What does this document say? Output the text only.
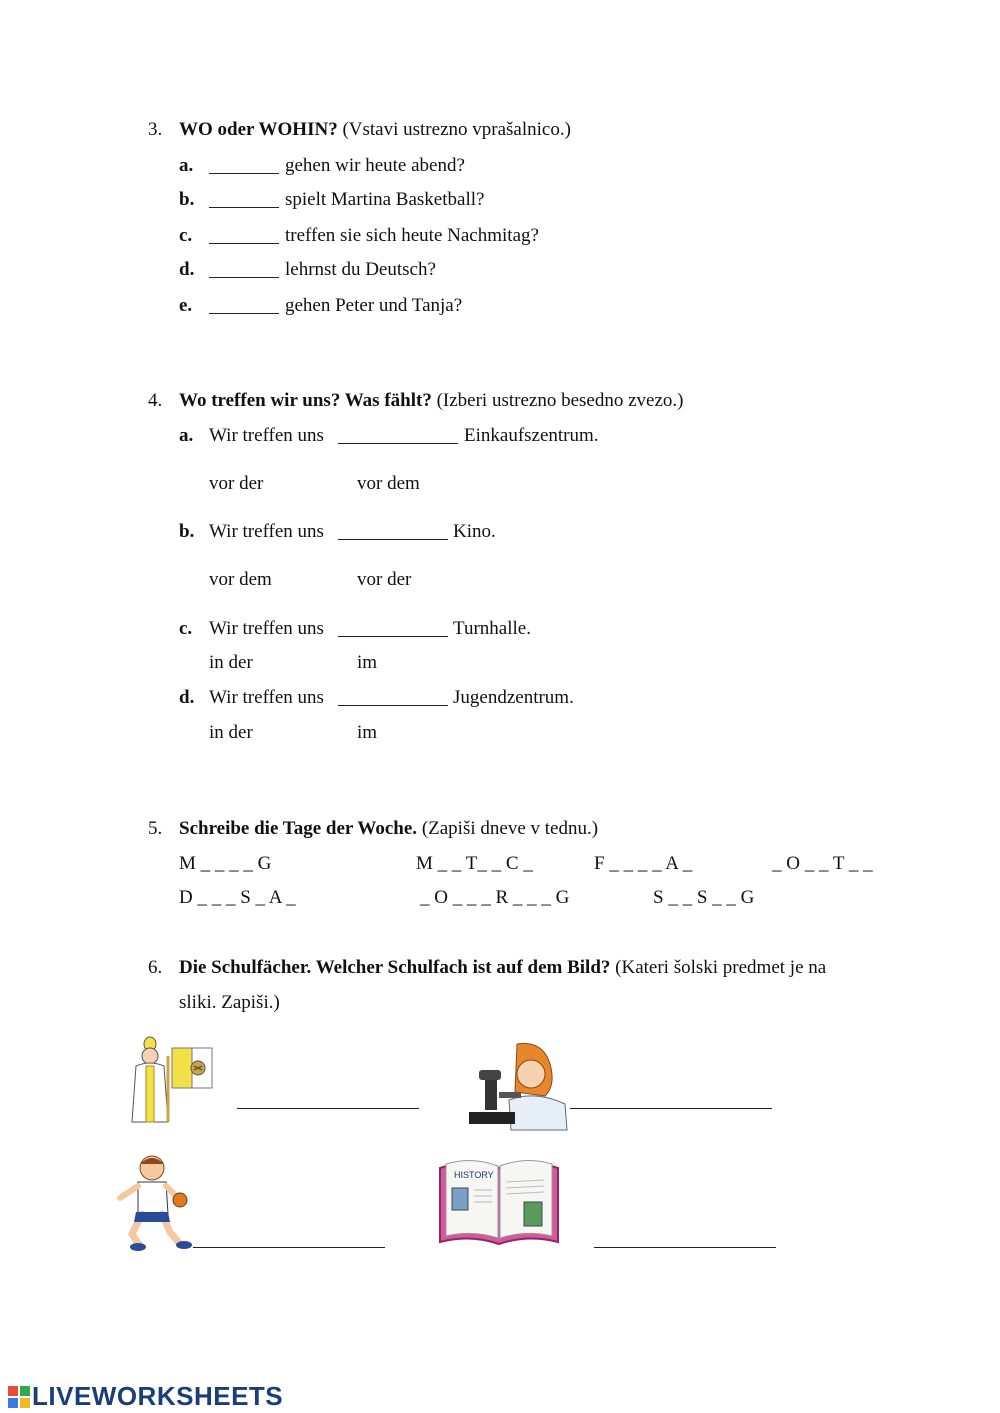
3. WO oder WOHIN? (Vstavi ustrezno vprašalnico.)
a.	gehen wir heute abend?
b.	spielt Martina Basketball?
c.	treffen sie sich heute Nachmitag?
d.	lehrnst du Deutsch?
e.	gehen Peter und Tanja?
4. Wo treffen wir uns? Was fählt? (Izberi ustrezno besedno zvezo.)
a. Wir treffen uns	Einkaufszentrum.
vor der	vor dem
b. Wir treffen uns	Kino.
vor dem	vor der
c. Wir treffen uns	Turnhalle.
in der	im
d. Wir treffen uns	Jugendzentrum.
in der	im
5. Schreibe die Tage der Woche. (Zapiši dneve v tednu.)
M _ _ _ _ G	M _ _ T_ _ C _	F _ _ _ _ A _	_ O _ _ T _ _
D _ _ _ S _ A _	_ O _ _ _ R _ _ _ G	S _ _ S _ _ G
6. Die Schulfächer. Welcher Schulfach ist auf dem Bild? (Kateri šolski predmet je na
sliki. Zapiši.)
HISTORY
LIVEWORKSHEETS
